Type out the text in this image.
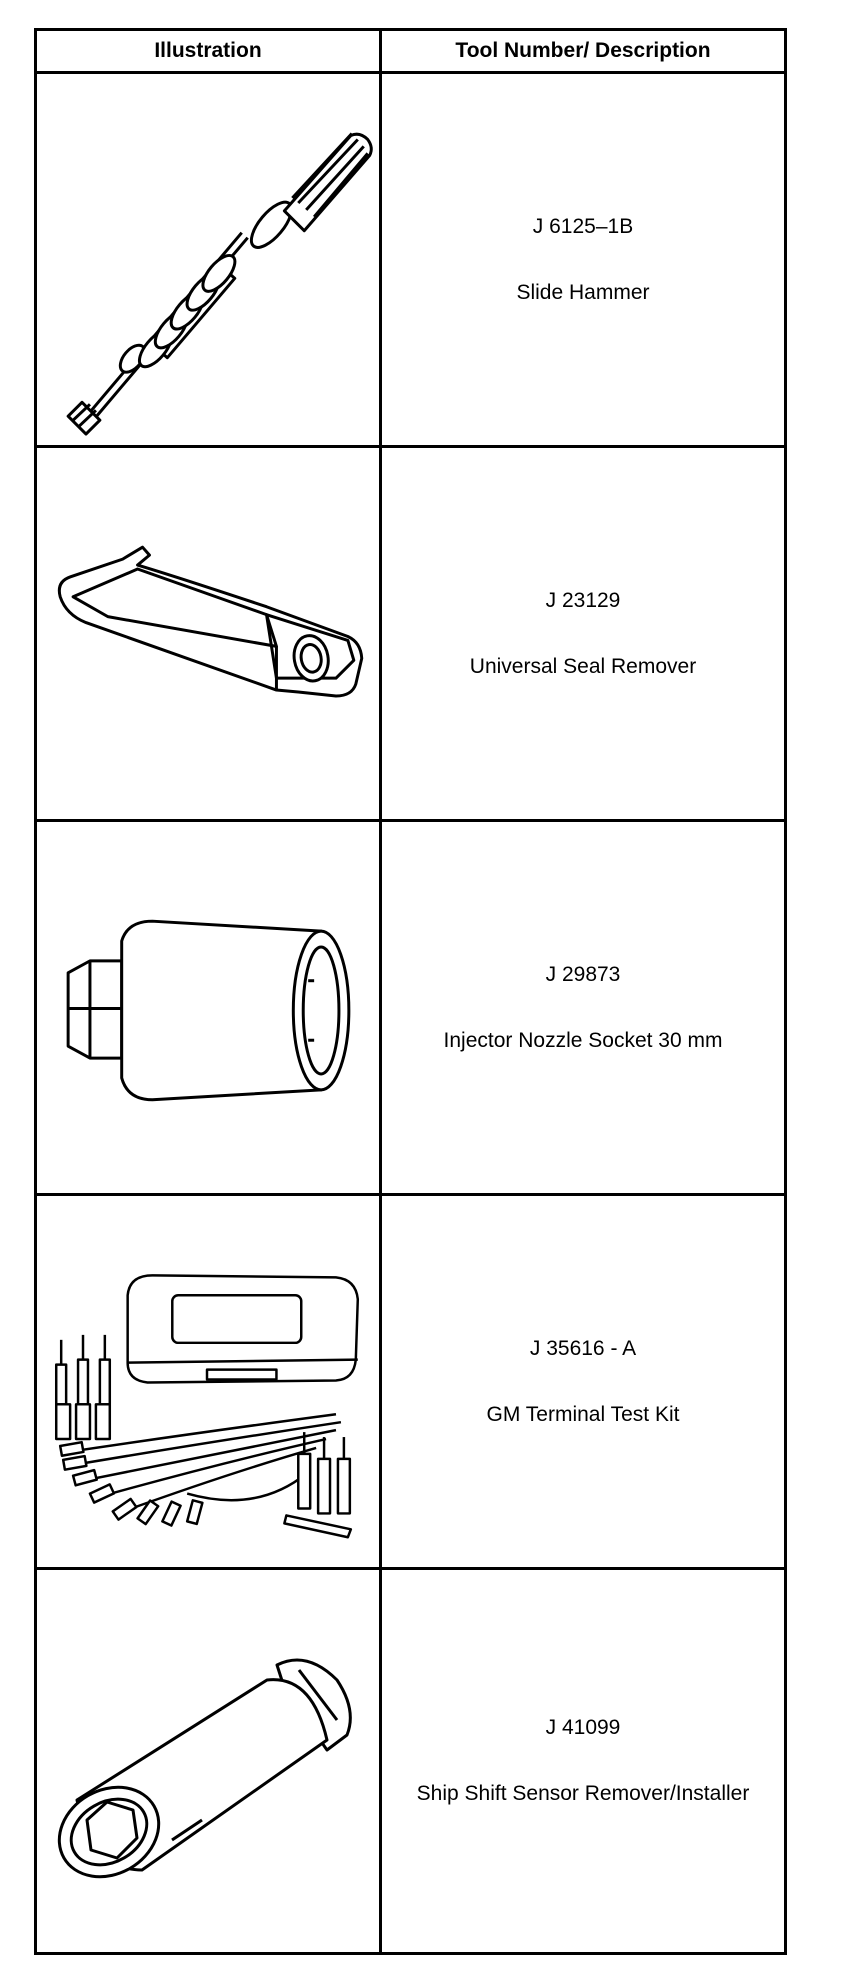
Illustration	Tool Number/ Description
J 6125–1B
Slide Hammer
J 23129
Universal Seal Remover
J 29873
Injector Nozzle Socket 30 mm
J 35616 - A
GM Terminal Test Kit
J 41099
Ship Shift Sensor Remover/Installer
